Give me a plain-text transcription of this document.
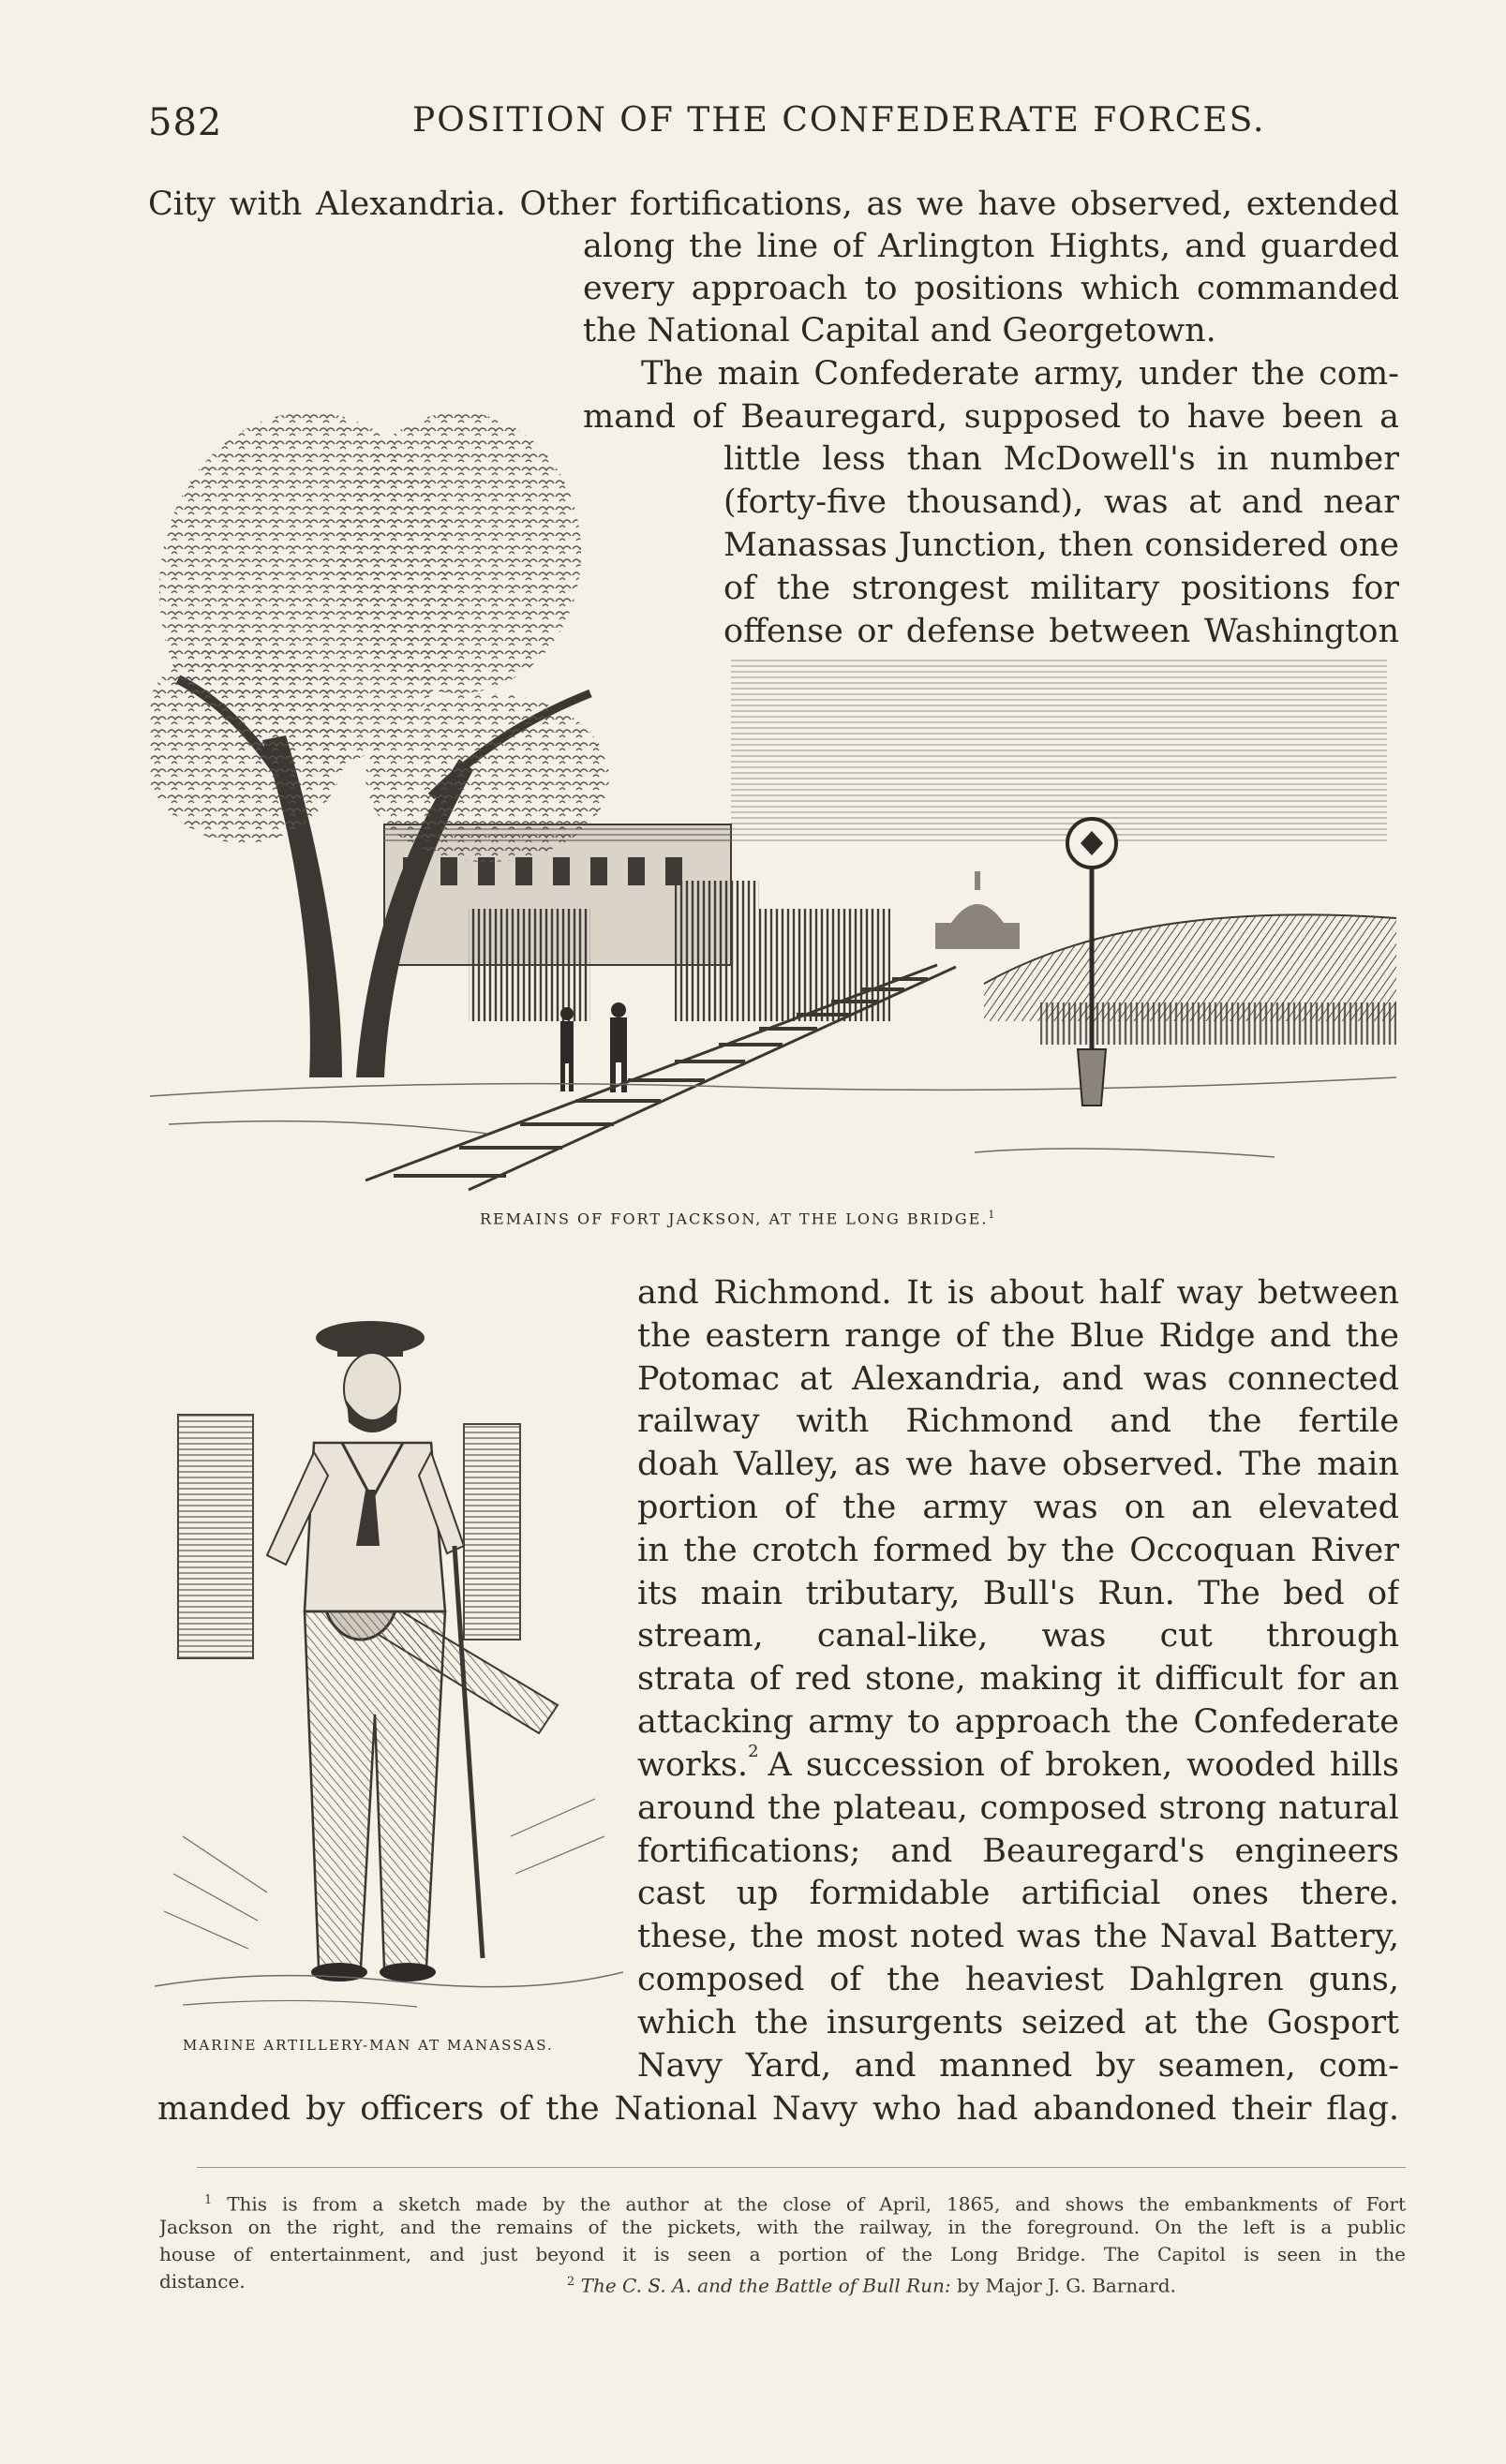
582	POSITION OF THE CONFEDERATE FORCES.
City with Alexandria. Other fortifications, as we have observed, extended
along the line of Arlington Hights, and guarded
every approach to positions which commanded
the National Capital and Georgetown.
The main Confederate army, under the com-
mand of Beauregard, supposed to have been a
little less than McDowell's in number
(forty-five thousand), was at and near
Manassas Junction, then considered one
of the strongest military positions for
offense or defense between Washington
REMAINS OF FORT JACKSON, AT THE LONG BRIDGE.$^1$
MARINE ARTILLERY-MAN AT MANASSAS.
and Richmond. It is about half way between
the eastern range of the Blue Ridge and the
Potomac at Alexandria, and was connected
railway with Richmond and the fertile
doah Valley, as we have observed. The main
portion of the army was on an elevated
in the crotch formed by the Occoquan River
its main tributary, Bull's Run. The bed of
stream, canal-like, was cut through
strata of red stone, making it difficult for an
attacking army to approach the Confederate
works. 2 A succession of broken, wooded hills
around the plateau, composed strong natural
fortifications; and Beauregard's engineers
cast up formidable artificial ones there.
these, the most noted was the Naval Battery,
composed of the heaviest Dahlgren guns,
which the insurgents seized at the Gosport
Navy Yard, and manned by seamen, com-
manded by officers of the National Navy who had abandoned their flag.
$^1$ This is from a sketch made by the author at the close of April, 1865, and shows the embankments of Fort
Jackson on the right, and the remains of the pickets, with the railway, in the foreground. On the left is a public
house of entertainment, and just beyond it is seen a portion of the Long Bridge. The Capitol is seen in the
distance.	$^2$ The C. S. A. and the Battle of Bull Run: by Major J. G. Barnard.
